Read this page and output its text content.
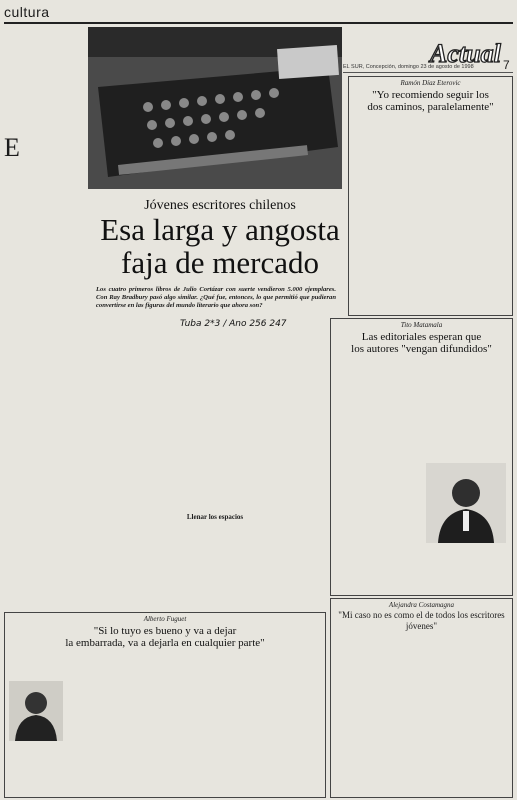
cultura
Actual
EL SUR, Concepción, domingo 23 de agosto de 1998 7
Jóvenes escritores chilenos
Esa larga y angosta
faja de mercado
Los cuatro primeros libros de Julio Cortázar con suerte vendieron 5.000 ejemplares. Con Ray Bradbury pasó algo similar. ¿Qué fue, entonces, lo que permitió que pudieran convertirse en las figuras del mundo literario que ahora son?
Tuba 2*3 / Ano 256 247
E
Llenar los espacios
Ramón Díaz Eterovic
"Yo recomiendo seguir los
dos caminos, paralelamente"
Tito Matamala
Las editoriales esperan que
los autores "vengan difundidos"
Alberto Fuguet
"Si lo tuyo es bueno y va a dejar
la embarrada, va a dejarla en cualquier parte"
Alejandra Costamagna
"Mi caso no es como el de todos los escritores jóvenes"
